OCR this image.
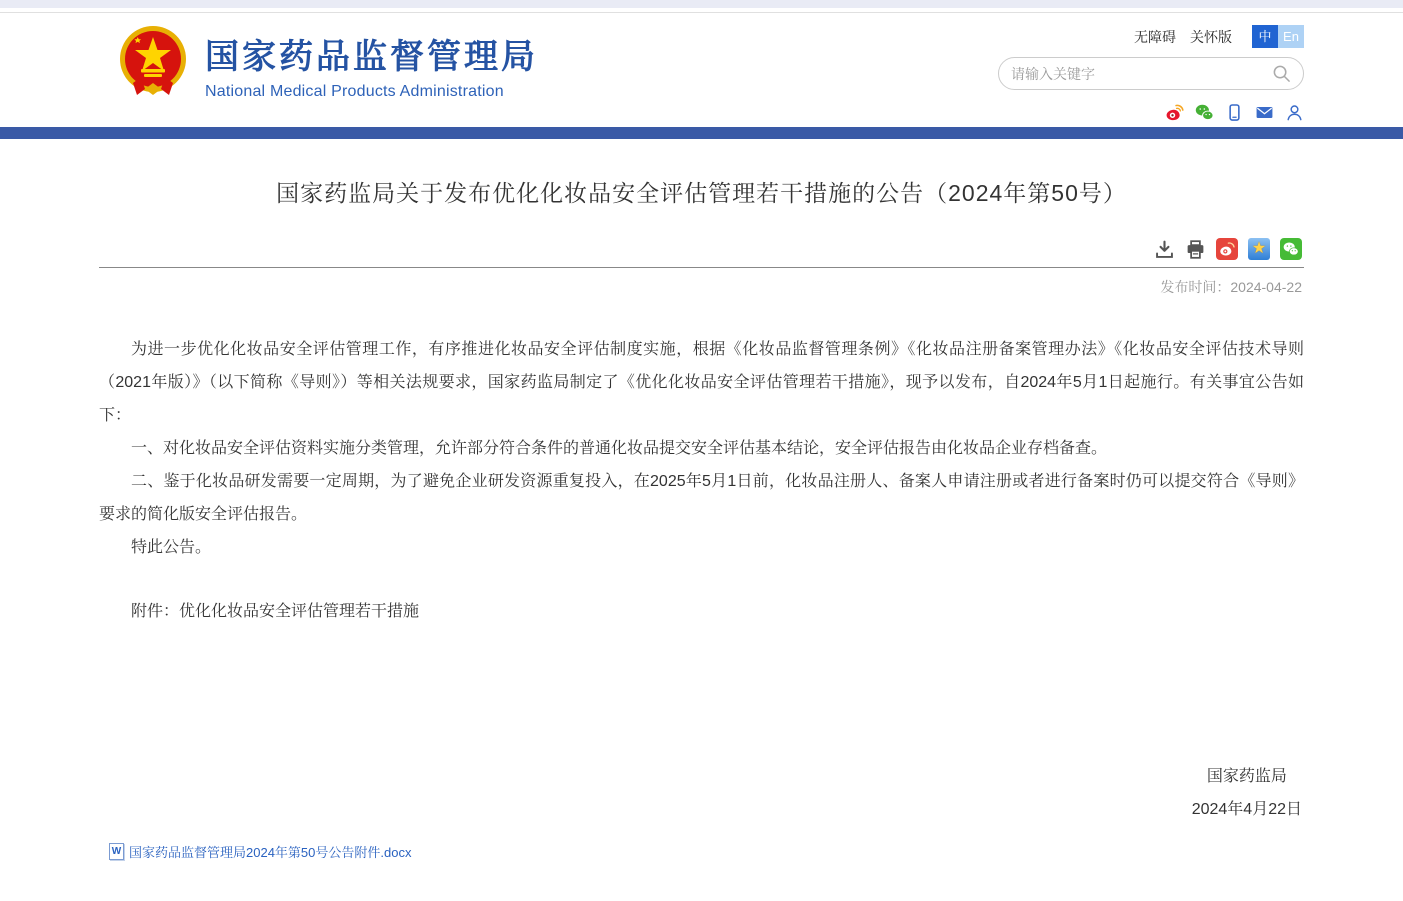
国家药品监督管理局
National Medical Products Administration
无障碍 关怀版	中 En
请输入关键字
国家药监局关于发布优化化妆品安全评估管理若干措施的公告（2024年第50号）
★
发布时间：2024-04-22

为进一步优化化妆品安全评估管理工作，有序推进化妆品安全评估制度实施，根据《化妆品监督管理条例》《化妆品注册备案管理办法》《化妆品安全评估技术导则（2021年版）》（以下简称《导则》）等相关法规要求，国家药监局制定了《优化化妆品安全评估管理若干措施》，现予以发布，自2024年5月1日起施行。有关事宜公告如下：

一、对化妆品安全评估资料实施分类管理，允许部分符合条件的普通化妆品提交安全评估基本结论，安全评估报告由化妆品企业存档备查。

二、鉴于化妆品研发需要一定周期，为了避免企业研发资源重复投入，在2025年5月1日前，化妆品注册人、备案人申请注册或者进行备案时仍可以提交符合《导则》要求的简化版安全评估报告。

特此公告。

附件：优化化妆品安全评估管理若干措施

国家药监局
2024年4月22日
W 国家药品监督管理局2024年第50号公告附件.docx
